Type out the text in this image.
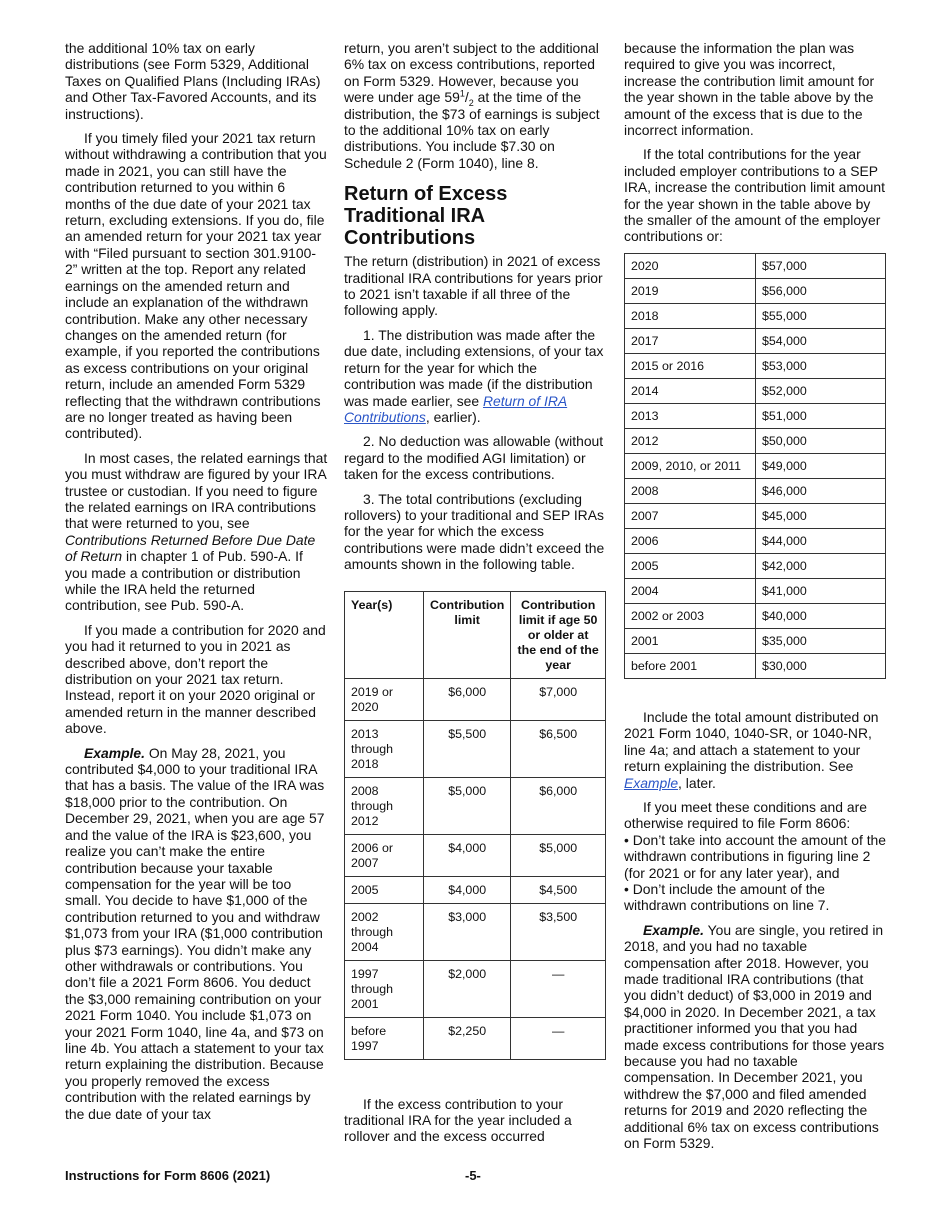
the additional 10% tax on early distributions (see Form 5329, Additional Taxes on Qualified Plans (Including IRAs) and Other Tax-Favored Accounts, and its instructions).

If you timely filed your 2021 tax return without withdrawing a contribution that you made in 2021, you can still have the contribution returned to you within 6 months of the due date of your 2021 tax return, excluding extensions. If you do, file an amended return for your 2021 tax year with “Filed pursuant to section 301.9100-2” written at the top. Report any related earnings on the amended return and include an explanation of the withdrawn contribution. Make any other necessary changes on the amended return (for example, if you reported the contributions as excess contributions on your original return, include an amended Form 5329 reflecting that the withdrawn contributions are no longer treated as having been contributed).

In most cases, the related earnings that you must withdraw are figured by your IRA trustee or custodian. If you need to figure the related earnings on IRA contributions that were returned to you, see Contributions Returned Before Due Date of Return in chapter 1 of Pub. 590-A. If you made a contribution or distribution while the IRA held the returned contribution, see Pub. 590-A.

If you made a contribution for 2020 and you had it returned to you in 2021 as described above, don’t report the distribution on your 2021 tax return. Instead, report it on your 2020 original or amended return in the manner described above.

Example. On May 28, 2021, you contributed $4,000 to your traditional IRA that has a basis. The value of the IRA was $18,000 prior to the contribution. On December 29, 2021, when you are age 57 and the value of the IRA is $23,600, you realize you can’t make the entire contribution because your taxable compensation for the year will be too small. You decide to have $1,000 of the contribution returned to you and withdraw $1,073 from your IRA ($1,000 contribution plus $73 earnings). You didn’t make any other withdrawals or contributions. You don’t file a 2021 Form 8606. You deduct the $3,000 remaining contribution on your 2021 Form 1040. You include $1,073 on your 2021 Form 1040, line 4a, and $73 on line 4b. You attach a statement to your tax return explaining the distribution. Because you properly removed the excess contribution with the related earnings by the due date of your tax

return, you aren’t subject to the additional 6% tax on excess contributions, reported on Form 5329. However, because you were under age $59^1/_2$ at the time of the distribution, the $73 of earnings is subject to the additional 10% tax on early distributions. You include $7.30 on Schedule 2 (Form 1040), line 8.

Return of Excess Traditional IRA Contributions

The return (distribution) in 2021 of excess traditional IRA contributions for years prior to 2021 isn’t taxable if all three of the following apply.

1. The distribution was made after the due date, including extensions, of your tax return for the year for which the contribution was made (if the distribution was made earlier, see Return of IRA Contributions, earlier).

2. No deduction was allowable (without regard to the modified AGI limitation) or taken for the excess contributions.

3. The total contributions (excluding rollovers) to your traditional and SEP IRAs for the year for which the excess contributions were made didn’t exceed the amounts shown in the following table.

Year(s)	Contribution limit	Contribution limit if age 50 or older at the end of the year
2019 or 2020	$6,000	$7,000
2013 through 2018	$5,500	$6,500
2008 through 2012	$5,000	$6,000
2006 or 2007	$4,000	$5,000
2005	$4,000	$4,500
2002 through 2004	$3,000	$3,500
1997 through 2001	$2,000	—
before 1997	$2,250	—

If the excess contribution to your traditional IRA for the year included a rollover and the excess occurred

because the information the plan was required to give you was incorrect, increase the contribution limit amount for the year shown in the table above by the amount of the excess that is due to the incorrect information.

If the total contributions for the year included employer contributions to a SEP IRA, increase the contribution limit amount for the year shown in the table above by the smaller of the amount of the employer contributions or:

2020	$57,000
2019	$56,000
2018	$55,000
2017	$54,000
2015 or 2016	$53,000
2014	$52,000
2013	$51,000
2012	$50,000
2009, 2010, or 2011	$49,000
2008	$46,000
2007	$45,000
2006	$44,000
2005	$42,000
2004	$41,000
2002 or 2003	$40,000
2001	$35,000
before 2001	$30,000

Include the total amount distributed on 2021 Form 1040, 1040-SR, or 1040-NR, line 4a; and attach a statement to your return explaining the distribution. See Example, later.

If you meet these conditions and are otherwise required to file Form 8606:

• Don’t take into account the amount of the withdrawn contributions in figuring line 2 (for 2021 or for any later year), and

• Don’t include the amount of the withdrawn contributions on line 7.

Example. You are single, you retired in 2018, and you had no taxable compensation after 2018. However, you made traditional IRA contributions (that you didn’t deduct) of $3,000 in 2019 and $4,000 in 2020. In December 2021, a tax practitioner informed you that you had made excess contributions for those years because you had no taxable compensation. In December 2021, you withdrew the $7,000 and filed amended returns for 2019 and 2020 reflecting the additional 6% tax on excess contributions on Form 5329.

Instructions for Form 8606 (2021)	-5-
